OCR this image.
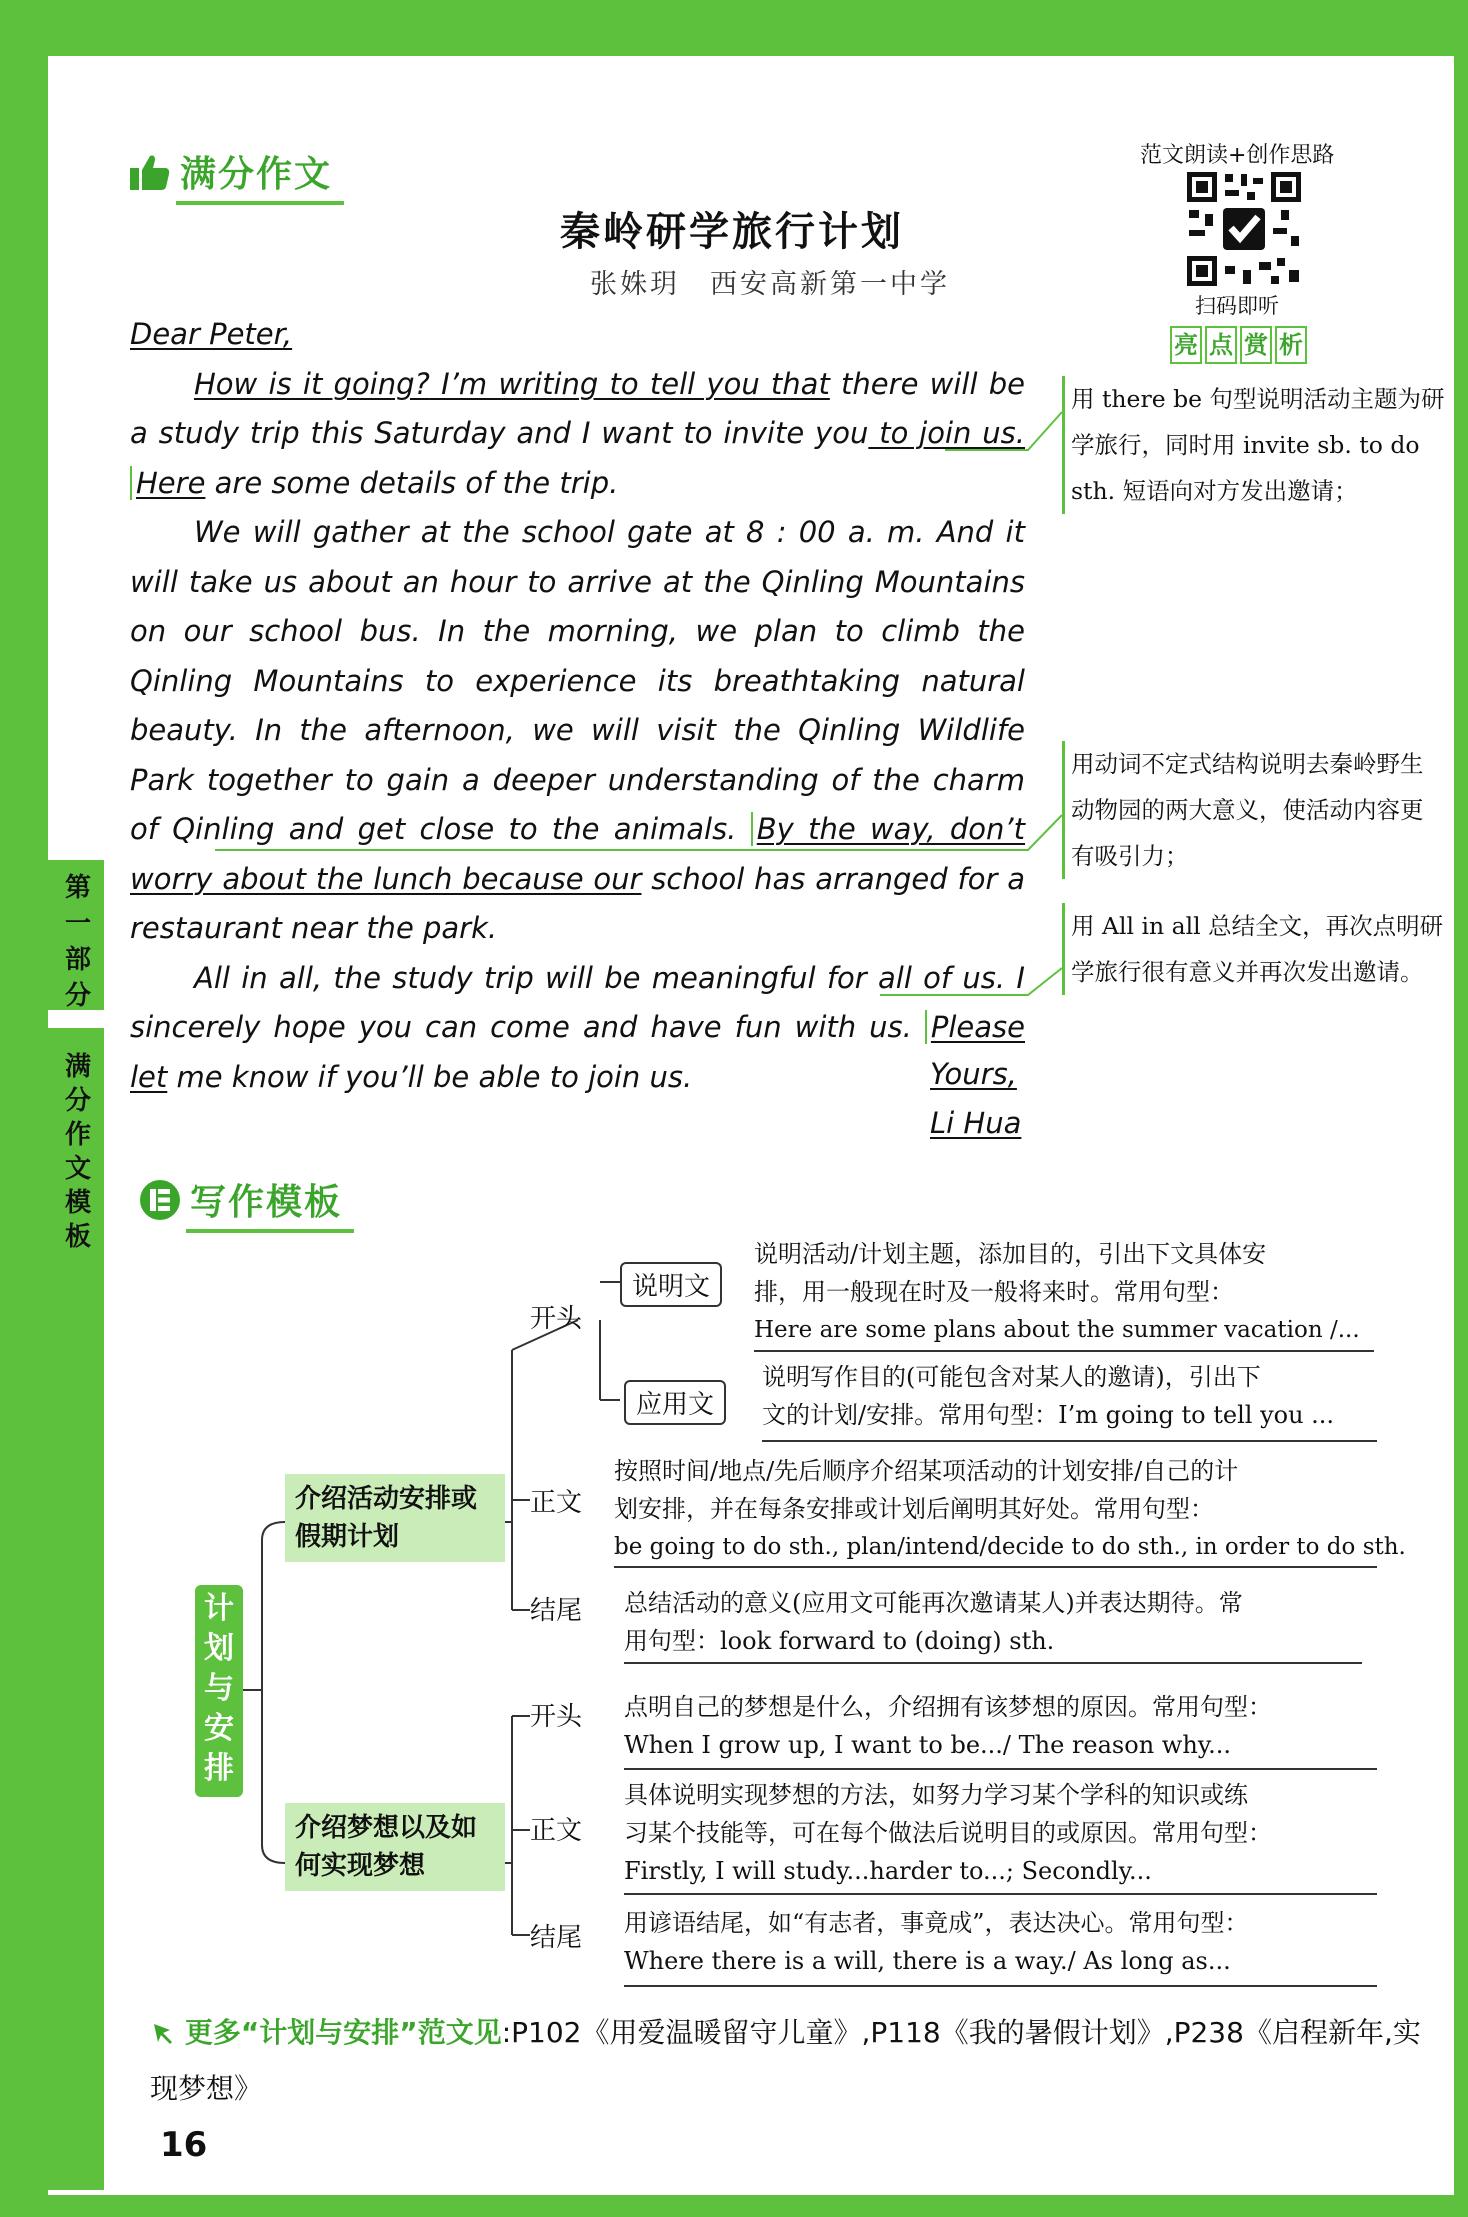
第一部分
满分作文模板
满分作文
秦岭研学旅行计划
张姝玥　西安高新第一中学
范文朗读+创作思路
扫码即听
亮 点 赏 析

Dear Peter,

How is it going? I’m writing to tell you that there will be a study trip this Saturday and I want to invite you to join us. Here are some details of the trip.

We will gather at the school gate at 8 : 00 a. m. And it will take us about an hour to arrive at the Qinling Mountains on our school bus. In the morning, we plan to climb the Qinling Mountains to experience its breathtaking natural beauty. In the afternoon, we will visit the Qinling Wildlife Park together to gain a deeper understanding of the charm of Qinling and get close to the animals. By the way, don’t worry about the lunch because our school has arranged for a restaurant near the park.

All in all, the study trip will be meaningful for all of us. I sincerely hope you can come and have fun with us. Please let me know if you’ll be able to join us.	Yours,
Li Hua
用 there be 句型说明活动主题为研学旅行，同时用 invite sb. to do sth. 短语向对方发出邀请；
用动词不定式结构说明去秦岭野生动物园的两大意义，使活动内容更有吸引力；
用 All in all 总结全文，再次点明研学旅行很有意义并再次发出邀请。
写作模板
计划与安排
介绍活动安排或假期计划
介绍梦想以及如何实现梦想
开头
说明文
说明活动/计划主题，添加目的，引出下文具体安
排，用一般现在时及一般将来时。常用句型：
Here are some plans about the summer vacation /...
应用文
说明写作目的(可能包含对某人的邀请)，引出下
文的计划/安排。常用句型：I’m going to tell you ...
正文
按照时间/地点/先后顺序介绍某项活动的计划安排/自己的计
划安排，并在每条安排或计划后阐明其好处。常用句型：
be going to do sth., plan/intend/decide to do sth., in order to do sth.
结尾 总结活动的意义(应用文可能再次邀请某人)并表达期待。常
用句型：look forward to (doing) sth.
开头 点明自己的梦想是什么，介绍拥有该梦想的原因。常用句型：
When I grow up, I want to be.../ The reason why...
正文
具体说明实现梦想的方法，如努力学习某个学科的知识或练
习某个技能等，可在每个做法后说明目的或原因。常用句型：
Firstly, I will study...harder to...; Secondly...
结尾 用谚语结尾，如“有志者，事竟成”，表达决心。常用句型：
Where there is a will, there is a way./ As long as...
更多“计划与安排”范文见:P102《用爱温暖留守儿童》,P118《我的暑假计划》,P238《启程新年,实现梦想》
16
